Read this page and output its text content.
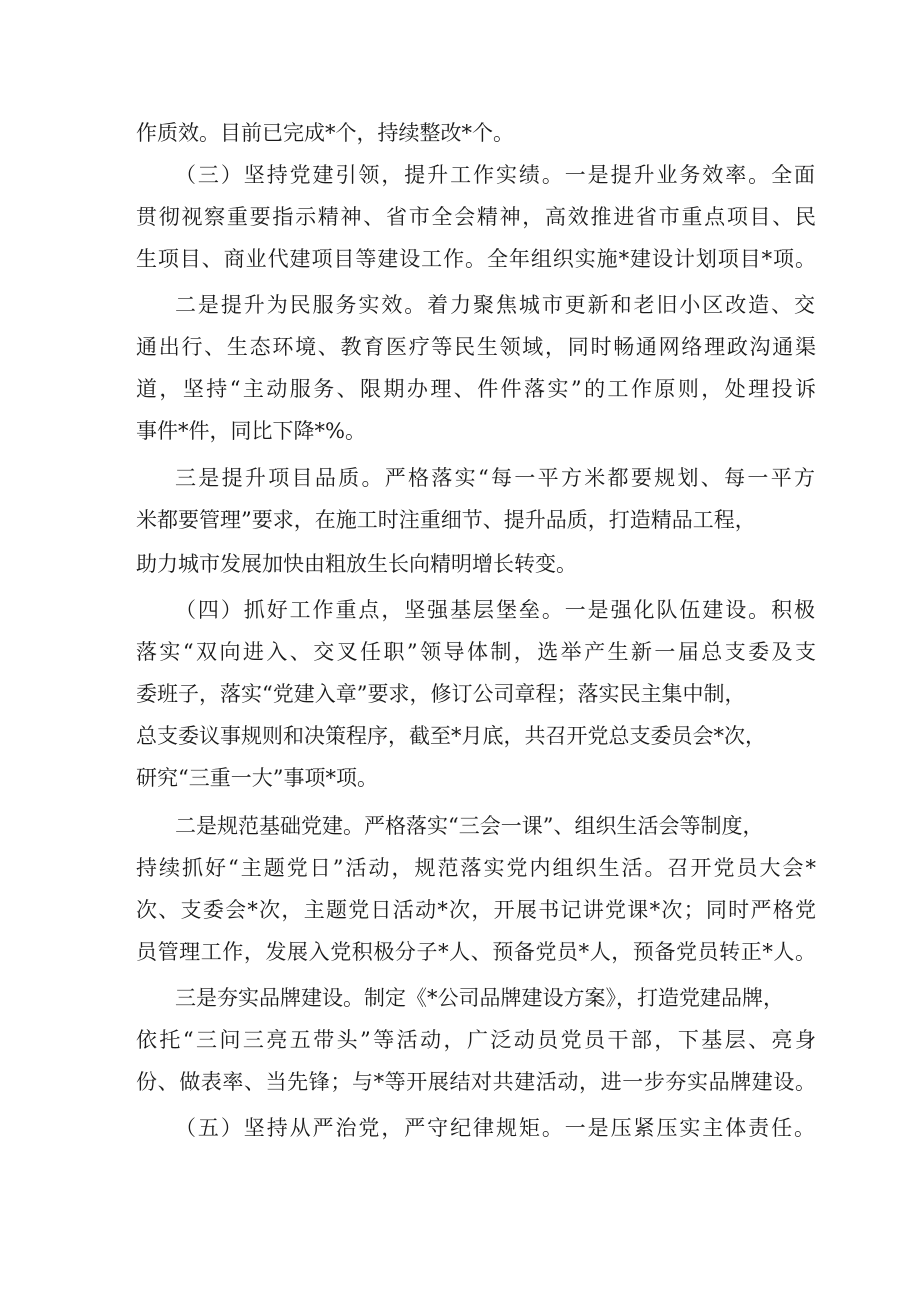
作质效。目前已完成*个，持续整改*个。
（三）坚持党建引领，提升工作实绩。一是提升业务效率。全面
贯彻视察重要指示精神、省市全会精神，高效推进省市重点项目、民
生项目、商业代建项目等建设工作。全年组织实施*建设计划项目*项。
二是提升为民服务实效。着力聚焦城市更新和老旧小区改造、交
通出行、生态环境、教育医疗等民生领域，同时畅通网络理政沟通渠
道，坚持“主动服务、限期办理、件件落实”的工作原则，处理投诉
事件*件，同比下降*%。
三是提升项目品质。严格落实“每一平方米都要规划、每一平方
米都要管理”要求，在施工时注重细节、提升品质，打造精品工程，
助力城市发展加快由粗放生长向精明增长转变。
（四）抓好工作重点，坚强基层堡垒。一是强化队伍建设。积极
落实“双向进入、交叉任职”领导体制，选举产生新一届总支委及支
委班子，落实“党建入章”要求，修订公司章程；落实民主集中制，
总支委议事规则和决策程序，截至*月底，共召开党总支委员会*次，
研究“三重一大”事项*项。
二是规范基础党建。严格落实“三会一课”、组织生活会等制度，
持续抓好“主题党日”活动，规范落实党内组织生活。召开党员大会*
次、支委会*次，主题党日活动*次，开展书记讲党课*次；同时严格党
员管理工作，发展入党积极分子*人、预备党员*人，预备党员转正*人。
三是夯实品牌建设。制定《*公司品牌建设方案》，打造党建品牌，
依托“三问三亮五带头”等活动，广泛动员党员干部，下基层、亮身
份、做表率、当先锋；与*等开展结对共建活动，进一步夯实品牌建设。
（五）坚持从严治党，严守纪律规矩。一是压紧压实主体责任。
